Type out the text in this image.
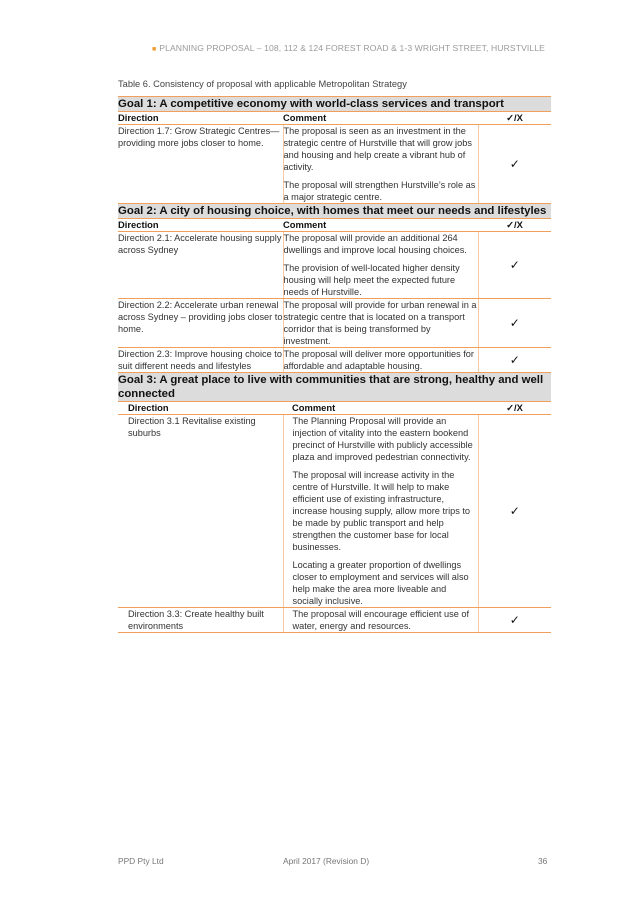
■ PLANNING PROPOSAL – 108, 112 & 124 FOREST ROAD & 1-3 WRIGHT STREET, HURSTVILLE
Table 6. Consistency of proposal with applicable Metropolitan Strategy
Goal 1: A competitive economy with world-class services and transport		
Direction	Comment	✓/X
Direction 1.7: Grow Strategic Centres—providing more jobs closer to home.	The proposal is seen as an investment in the strategic centre of Hurstville that will grow jobs and housing and help create a vibrant hub of activity.
The proposal will strengthen Hurstville’s role as a major strategic centre.	✓
Goal 2: A city of housing choice, with homes that meet our needs and lifestyles		
Direction	Comment	✓/X
Direction 2.1: Accelerate housing supply across Sydney	The proposal will provide an additional 264 dwellings and improve local housing choices.
The provision of well-located higher density housing will help meet the expected future needs of Hurstville.	✓
Direction 2.2: Accelerate urban renewal across Sydney – providing jobs closer to home.	The proposal will provide for urban renewal in a strategic centre that is located on a transport corridor that is being transformed by investment.	✓
Direction 2.3: Improve housing choice to suit different needs and lifestyles	The proposal will deliver more opportunities for affordable and adaptable housing.	✓
Goal 3: A great place to live with communities that are strong, healthy and well connected		
Direction	Comment	✓/X
Direction 3.1 Revitalise existing suburbs	The Planning Proposal will provide an injection of vitality into the eastern bookend precinct of Hurstville with publicly accessible plaza and improved pedestrian connectivity.
The proposal will increase activity in the centre of Hurstville. It will help to make efficient use of existing infrastructure, increase housing supply, allow more trips to be made by public transport and help strengthen the customer base for local businesses.
Locating a greater proportion of dwellings closer to employment and services will also help make the area more liveable and socially inclusive.	✓
Direction 3.3: Create healthy built environments	The proposal will encourage efficient use of water, energy and resources.	✓
PPD Pty Ltd	April 2017 (Revision D)	36
